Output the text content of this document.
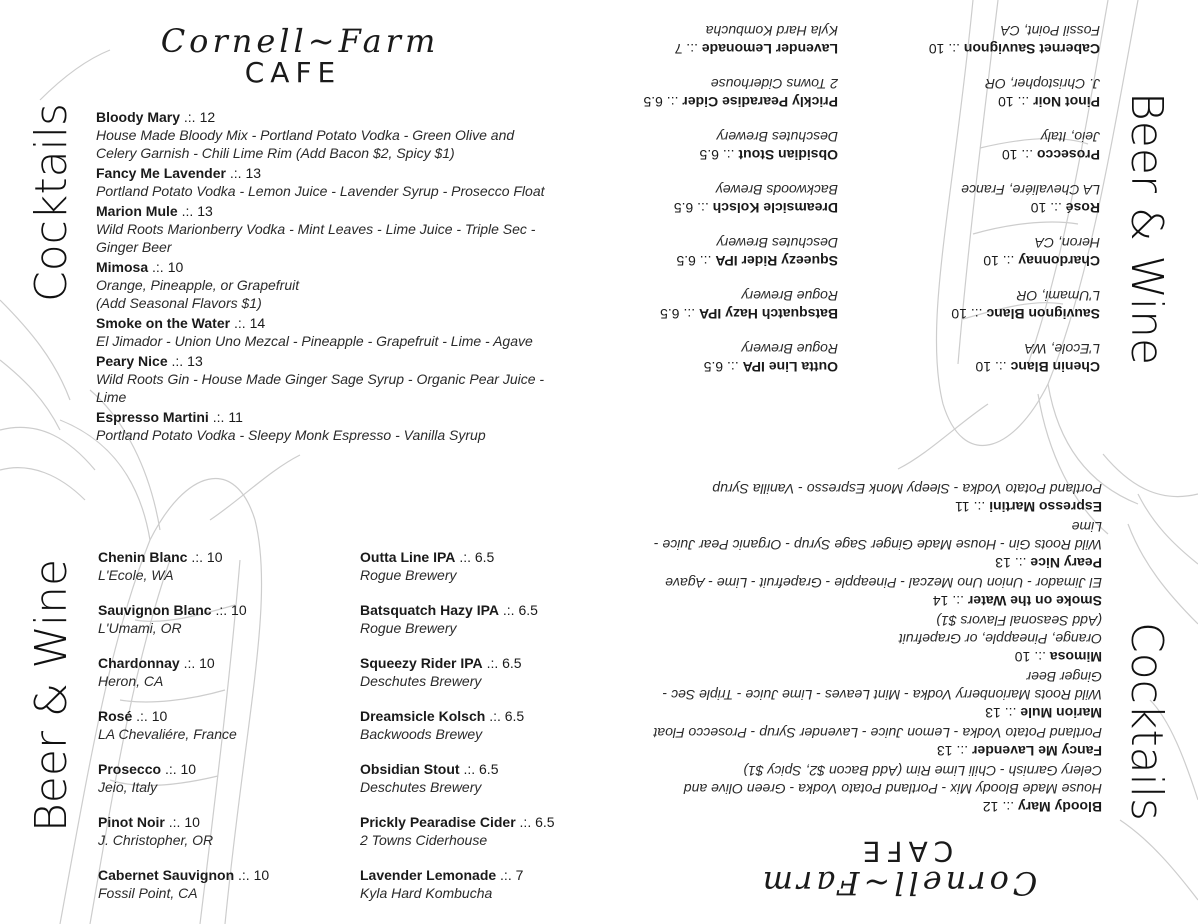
Cornell~Farm
CAFE
Cocktails
Beer & Wine
Bloody Mary .:. 12
House Made Bloody Mix - Portland Potato Vodka - Green Olive and Celery Garnish - Chili Lime Rim (Add Bacon $2, Spicy $1)
Fancy Me Lavender .:. 13
Portland Potato Vodka - Lemon Juice - Lavender Syrup - Prosecco Float
Marion Mule .:. 13
Wild Roots Marionberry Vodka - Mint Leaves - Lime Juice - Triple Sec - Ginger Beer
Mimosa .:. 10
Orange, Pineapple, or Grapefruit
(Add Seasonal Flavors $1)
Smoke on the Water .:. 14
El Jimador - Union Uno Mezcal - Pineapple - Grapefruit - Lime - Agave
Peary Nice .:. 13
Wild Roots Gin - House Made Ginger Sage Syrup - Organic Pear Juice - Lime
Espresso Martini .:. 11
Portland Potato Vodka - Sleepy Monk Espresso - Vanilla Syrup
Chenin Blanc .:. 10
L'Ecole, WA
Sauvignon Blanc .:. 10
L'Umami, OR
Chardonnay .:. 10
Heron, CA
Rosé .:. 10
LA Chevaliére, France
Prosecco .:. 10
Jeio, Italy
Pinot Noir .:. 10
J. Christopher, OR
Cabernet Sauvignon .:. 10
Fossil Point, CA
Outta Line IPA .:. 6.5
Rogue Brewery
Batsquatch Hazy IPA .:. 6.5
Rogue Brewery
Squeezy Rider IPA .:. 6.5
Deschutes Brewery
Dreamsicle Kolsch .:. 6.5
Backwoods Brewey
Obsidian Stout .:. 6.5
Deschutes Brewery
Prickly Pearadise Cider .:. 6.5
2 Towns Ciderhouse
Lavender Lemonade .:. 7
Kyla Hard Kombucha	Cornell~Farm
CAFE
Cocktails
Beer & Wine
Bloody Mary .:.12
House Made Bloody Mix - Portland Potato Vodka - Green Olive and Celery Garnish - Chili Lime Rim (Add Bacon $2, Spicy $1)
Fancy Me Lavender .:.13
Portland Potato Vodka - Lemon Juice - Lavender Syrup - Prosecco Float
Marion Mule .:.13
Wild Roots Marionberry Vodka - Mint Leaves - Lime Juice - Triple Sec - Ginger Beer
Mimosa .:.10
Orange, Pineapple, or Grapefruit
(Add Seasonal Flavors $1)
Smoke on the Water .:.14
El Jimador - Union Uno Mezcal - Pineapple - Grapefruit - Lime - Agave
Peary Nice .:.13
Wild Roots Gin - House Made Ginger Sage Syrup - Organic Pear Juice - Lime
Espresso Martini .:.11
Portland Potato Vodka - Sleepy Monk Espresso - Vanilla Syrup
Chenin Blanc .:. 10
L'Ecole, WA
Sauvignon Blanc .:. 10
L'Umami, OR
Chardonnay .:. 10
Heron, CA
Rosé .:. 10
LA Chevaliére, France
Prosecco .:. 10
Jeio, Italy
Pinot Noir .:. 10
J. Christopher, OR
Cabernet Sauvignon .:. 10
Fossil Point, CA
Outta Line IPA .:. 6.5
Rogue Brewery
Batsquatch Hazy IPA .:. 6.5
Rogue Brewery
Squeezy Rider IPA .:. 6.5
Deschutes Brewery
Dreamsicle Kolsch .:. 6.5
Backwoods Brewey
Obsidian Stout .:. 6.5
Deschutes Brewery
Prickly Pearadise Cider .:. 6.5
2 Towns Ciderhouse
Lavender Lemonade .:. 7
Kyla Hard Kombucha
